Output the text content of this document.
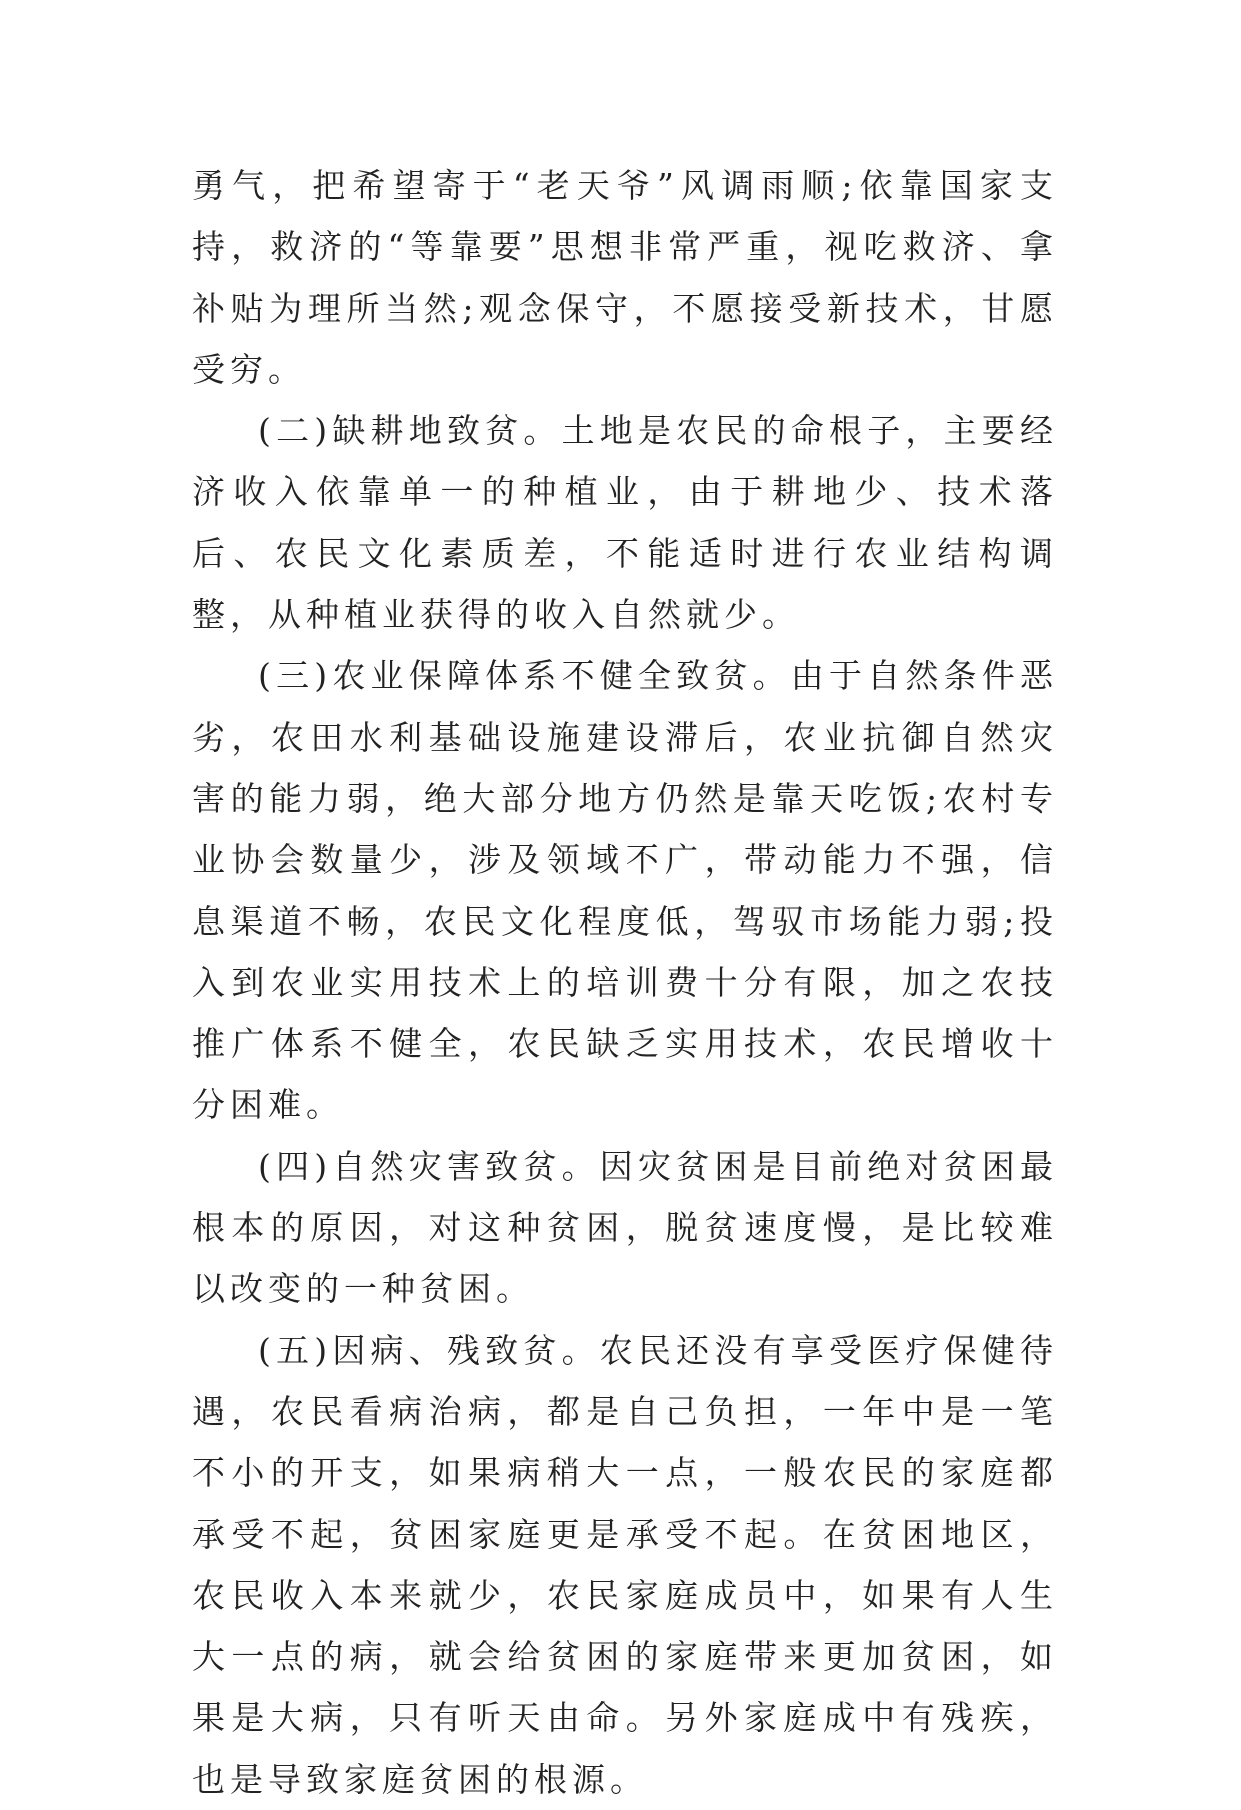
勇气，把希望寄于“老天爷”风调雨顺;依靠国家支持，救济的“等靠要”思想非常严重，视吃救济、拿补贴为理所当然;观念保守，不愿接受新技术，甘愿受穷。

(二)缺耕地致贫。土地是农民的命根子，主要经济收入依靠单一的种植业，由于耕地少、技术落后、农民文化素质差，不能适时进行农业结构调整，从种植业获得的收入自然就少。

(三)农业保障体系不健全致贫。由于自然条件恶劣，农田水利基础设施建设滞后，农业抗御自然灾害的能力弱，绝大部分地方仍然是靠天吃饭;农村专业协会数量少，涉及领域不广，带动能力不强，信息渠道不畅，农民文化程度低，驾驭市场能力弱;投入到农业实用技术上的培训费十分有限，加之农技推广体系不健全，农民缺乏实用技术，农民增收十分困难。

(四)自然灾害致贫。因灾贫困是目前绝对贫困最根本的原因，对这种贫困，脱贫速度慢，是比较难以改变的一种贫困。

(五)因病、残致贫。农民还没有享受医疗保健待遇，农民看病治病，都是自己负担，一年中是一笔不小的开支，如果病稍大一点，一般农民的家庭都承受不起，贫困家庭更是承受不起。在贫困地区，农民收入本来就少，农民家庭成员中，如果有人生大一点的病，就会给贫困的家庭带来更加贫困，如果是大病，只有听天由命。另外家庭成中有残疾，也是导致家庭贫困的根源。
